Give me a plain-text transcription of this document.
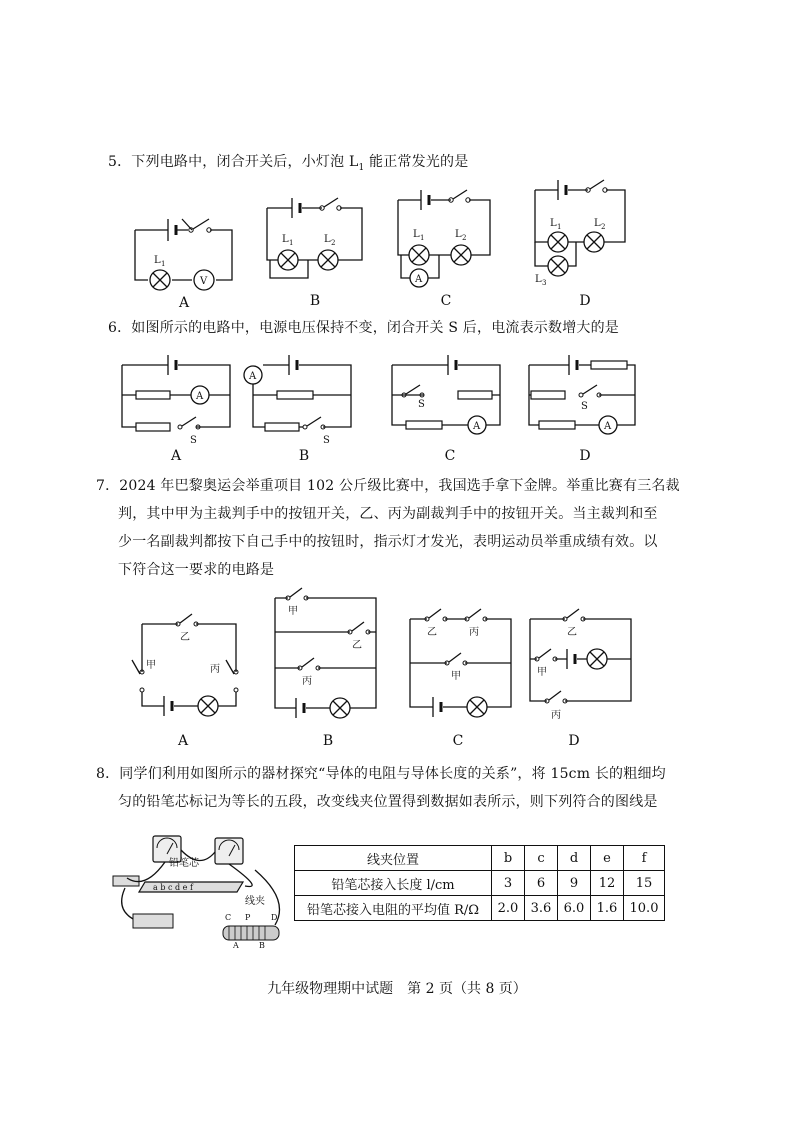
5．下列电路中，闭合开关后，小灯泡 $L_1$ 能正常发光的是
V
L 1
A
L 1	L 2
B
A
L 1	L 2
C
L 1	L 2
L 3
D
6．如图所示的电路中，电源电压保持不变，闭合开关 S 后，电流表示数增大的是
A
S
A
A
S
B
S
A
C
S
A
D
7．2024 年巴黎奥运会举重项目 102 公斤级比赛中，我国选手拿下金牌。举重比赛有三名裁
判，其中甲为主裁判手中的按钮开关，乙、丙为副裁判手中的按钮开关。当主裁判和至
少一名副裁判都按下自己手中的按钮时，指示灯才发光，表明运动员举重成绩有效。以
下符合这一要求的电路是
乙
甲	丙
A
甲
乙
丙
B
乙	丙
甲
C
乙
甲
丙
D
8．同学们利用如图所示的器材探究“导体的电阻与导体长度的关系”，将 15cm 长的粗细均
匀的铅笔芯标记为等长的五段，改变线夹位置得到数据如表所示，则下列符合的图线是
铅笔芯
a b c d e f
线夹
C P	D
A	B
线夹位置	b	c	d	e	f
铅笔芯接入长度 l/cm	3	6	9	12	15
铅笔芯接入电阻的平均值 R/Ω	2.0	3.6	6.0	1.6	10.0
九年级物理期中试题　第 2 页（共 8 页）
